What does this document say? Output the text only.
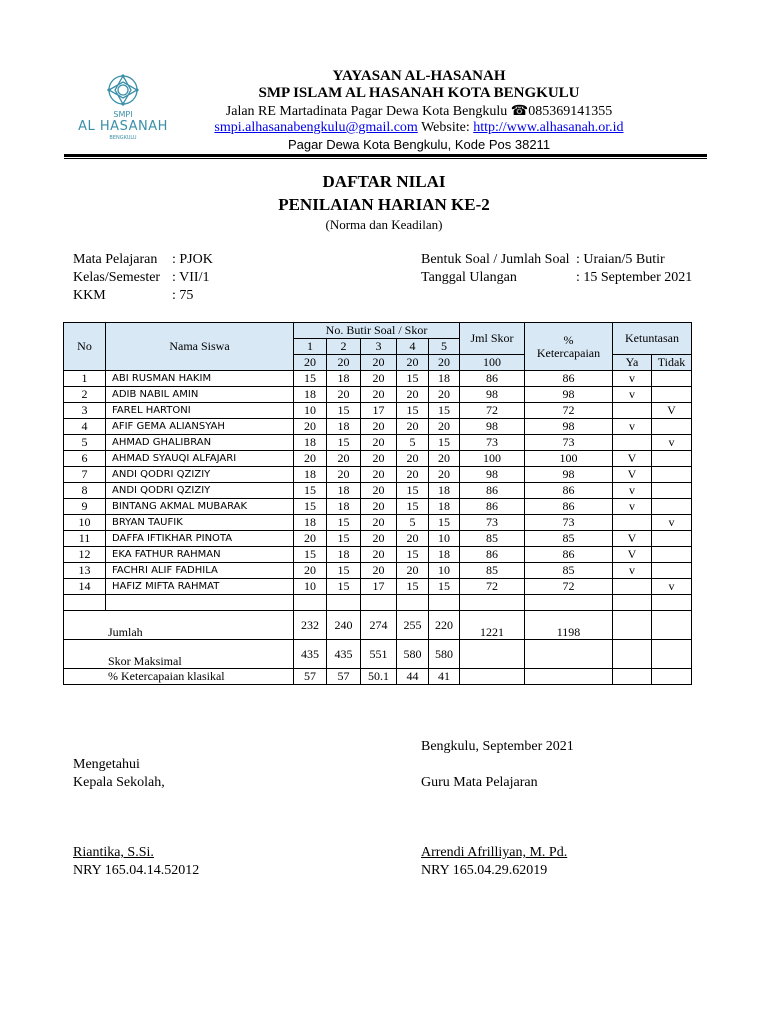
SMPI
AL HASANAH
BENGKULU
YAYASAN AL-HASANAH
SMP ISLAM AL HASANAH KOTA BENGKULU
Jalan RE Martadinata Pagar Dewa Kota Bengkulu ☎085369141355
smpi.alhasanabengkulu@gmail.com Website: http://www.alhasanah.or.id
Pagar Dewa Kota Bengkulu, Kode Pos 38211
DAFTAR NILAI
PENILAIAN HARIAN KE-2
(Norma dan Keadilan)
Mata Pelajaran : PJOK
Kelas/Semester : VII/1
KKM	: 75
Bentuk Soal / Jumlah Soal : Uraian/5 Butir
Tanggal Ulangan	: 15 September 2021
No	Nama Siswa	No. Butir Soal / Skor					Jml Skor	%
Ketercapaian	Ketuntasan	
		1	2	3	4	5				
		20	20	20	20	20	100		Ya	Tidak
1	ABI RUSMAN HAKIM	15	18	20	15	18	86	86	v	
2	ADIB NABIL AMIN	18	20	20	20	20	98	98	v	
3	FAREL HARTONI	10	15	17	15	15	72	72		V
4	AFIF GEMA ALIANSYAH	20	18	20	20	20	98	98	v	
5	AHMAD GHALIBRAN	18	15	20	5	15	73	73		v
6	AHMAD SYAUQI ALFAJARI	20	20	20	20	20	100	100	V	
7	ANDI QODRI QZIZIY	18	20	20	20	20	98	98	V	
8	ANDI QODRI QZIZIY	15	18	20	15	18	86	86	v	
9	BINTANG AKMAL MUBARAK	15	18	20	15	18	86	86	v	
10	BRYAN TAUFIK	18	15	20	5	15	73	73		v
11	DAFFA IFTIKHAR PINOTA	20	15	20	20	10	85	85	V	
12	EKA FATHUR RAHMAN	15	18	20	15	18	86	86	V	
13	FACHRI ALIF FADHILA	20	15	20	20	10	85	85	v	
14	HAFIZ MIFTA RAHMAT	10	15	17	15	15	72	72		v

Jumlah		232	240	274	255	220	1221	1198		
Skor Maksimal		435	435	551	580	580				
% Ketercapaian klasikal		57	57	50.1	44	41				
Bengkulu, September 2021
Mengetahui
Kepala Sekolah,	Guru Mata Pelajaran
Riantika, S.Si.
NRY 165.04.14.52012
Arrendi Afrilliyan, M. Pd.
NRY 165.04.29.62019
